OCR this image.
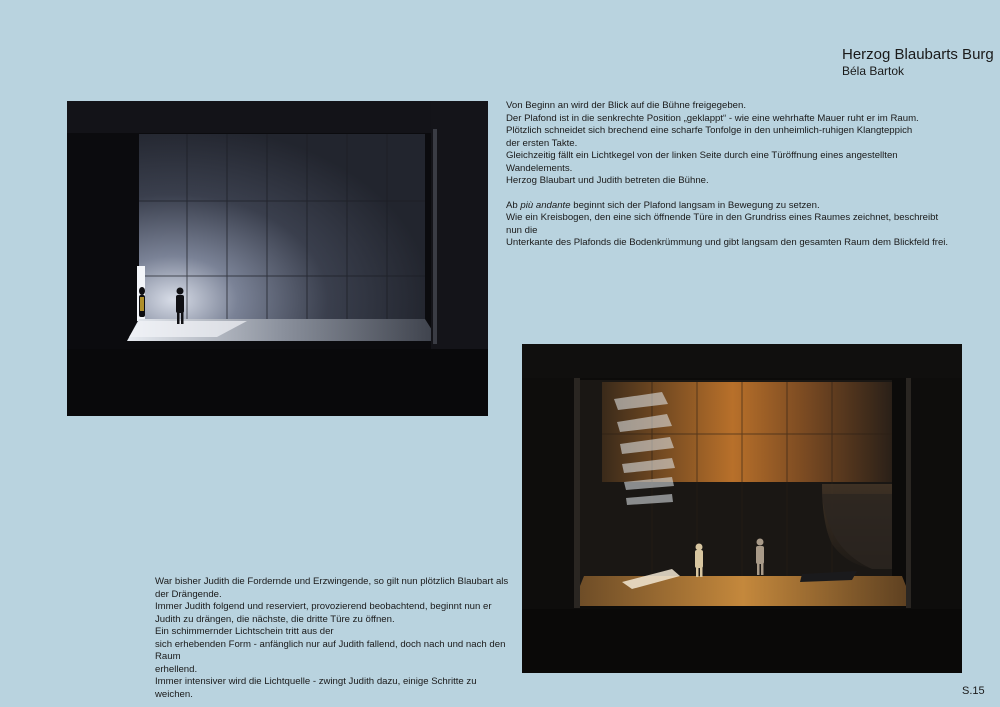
Herzog Blaubarts Burg
Béla Bartok

Von Beginn an wird der Blick auf die Bühne freigegeben.

Der Plafond ist in die senkrechte Position „geklappt“ - wie eine wehrhafte Mauer ruht er im Raum.

Plötzlich schneidet sich brechend eine scharfe Tonfolge in den unheimlich-ruhigen Klangteppich

der ersten Takte.

Gleichzeitig fällt ein Lichtkegel von der linken Seite durch eine Türöffnung eines angestellten

Wandelements.

Herzog Blaubart und Judith betreten die Bühne.

Ab più andante beginnt sich der Plafond langsam in Bewegung zu setzen.

Wie ein Kreisbogen, den eine sich öffnende Türe in den Grundriss eines Raumes zeichnet, beschreibt nun die

Unterkante des Plafonds die Bodenkrümmung und gibt langsam den gesamten Raum dem Blickfeld frei.

War bisher Judith die Fordernde und Erzwingende, so gilt nun plötzlich Blaubart als

der Drängende.

Immer Judith folgend und reserviert, provozierend beobachtend, beginnt nun er

Judith zu drängen, die nächste, die dritte Türe zu öffnen.

Ein schimmernder Lichtschein tritt aus der

sich erhebenden Form - anfänglich nur auf Judith fallend, doch nach und nach den Raum

erhellend.

Immer intensiver wird die Lichtquelle - zwingt Judith dazu, einige Schritte zu weichen.	S.15
